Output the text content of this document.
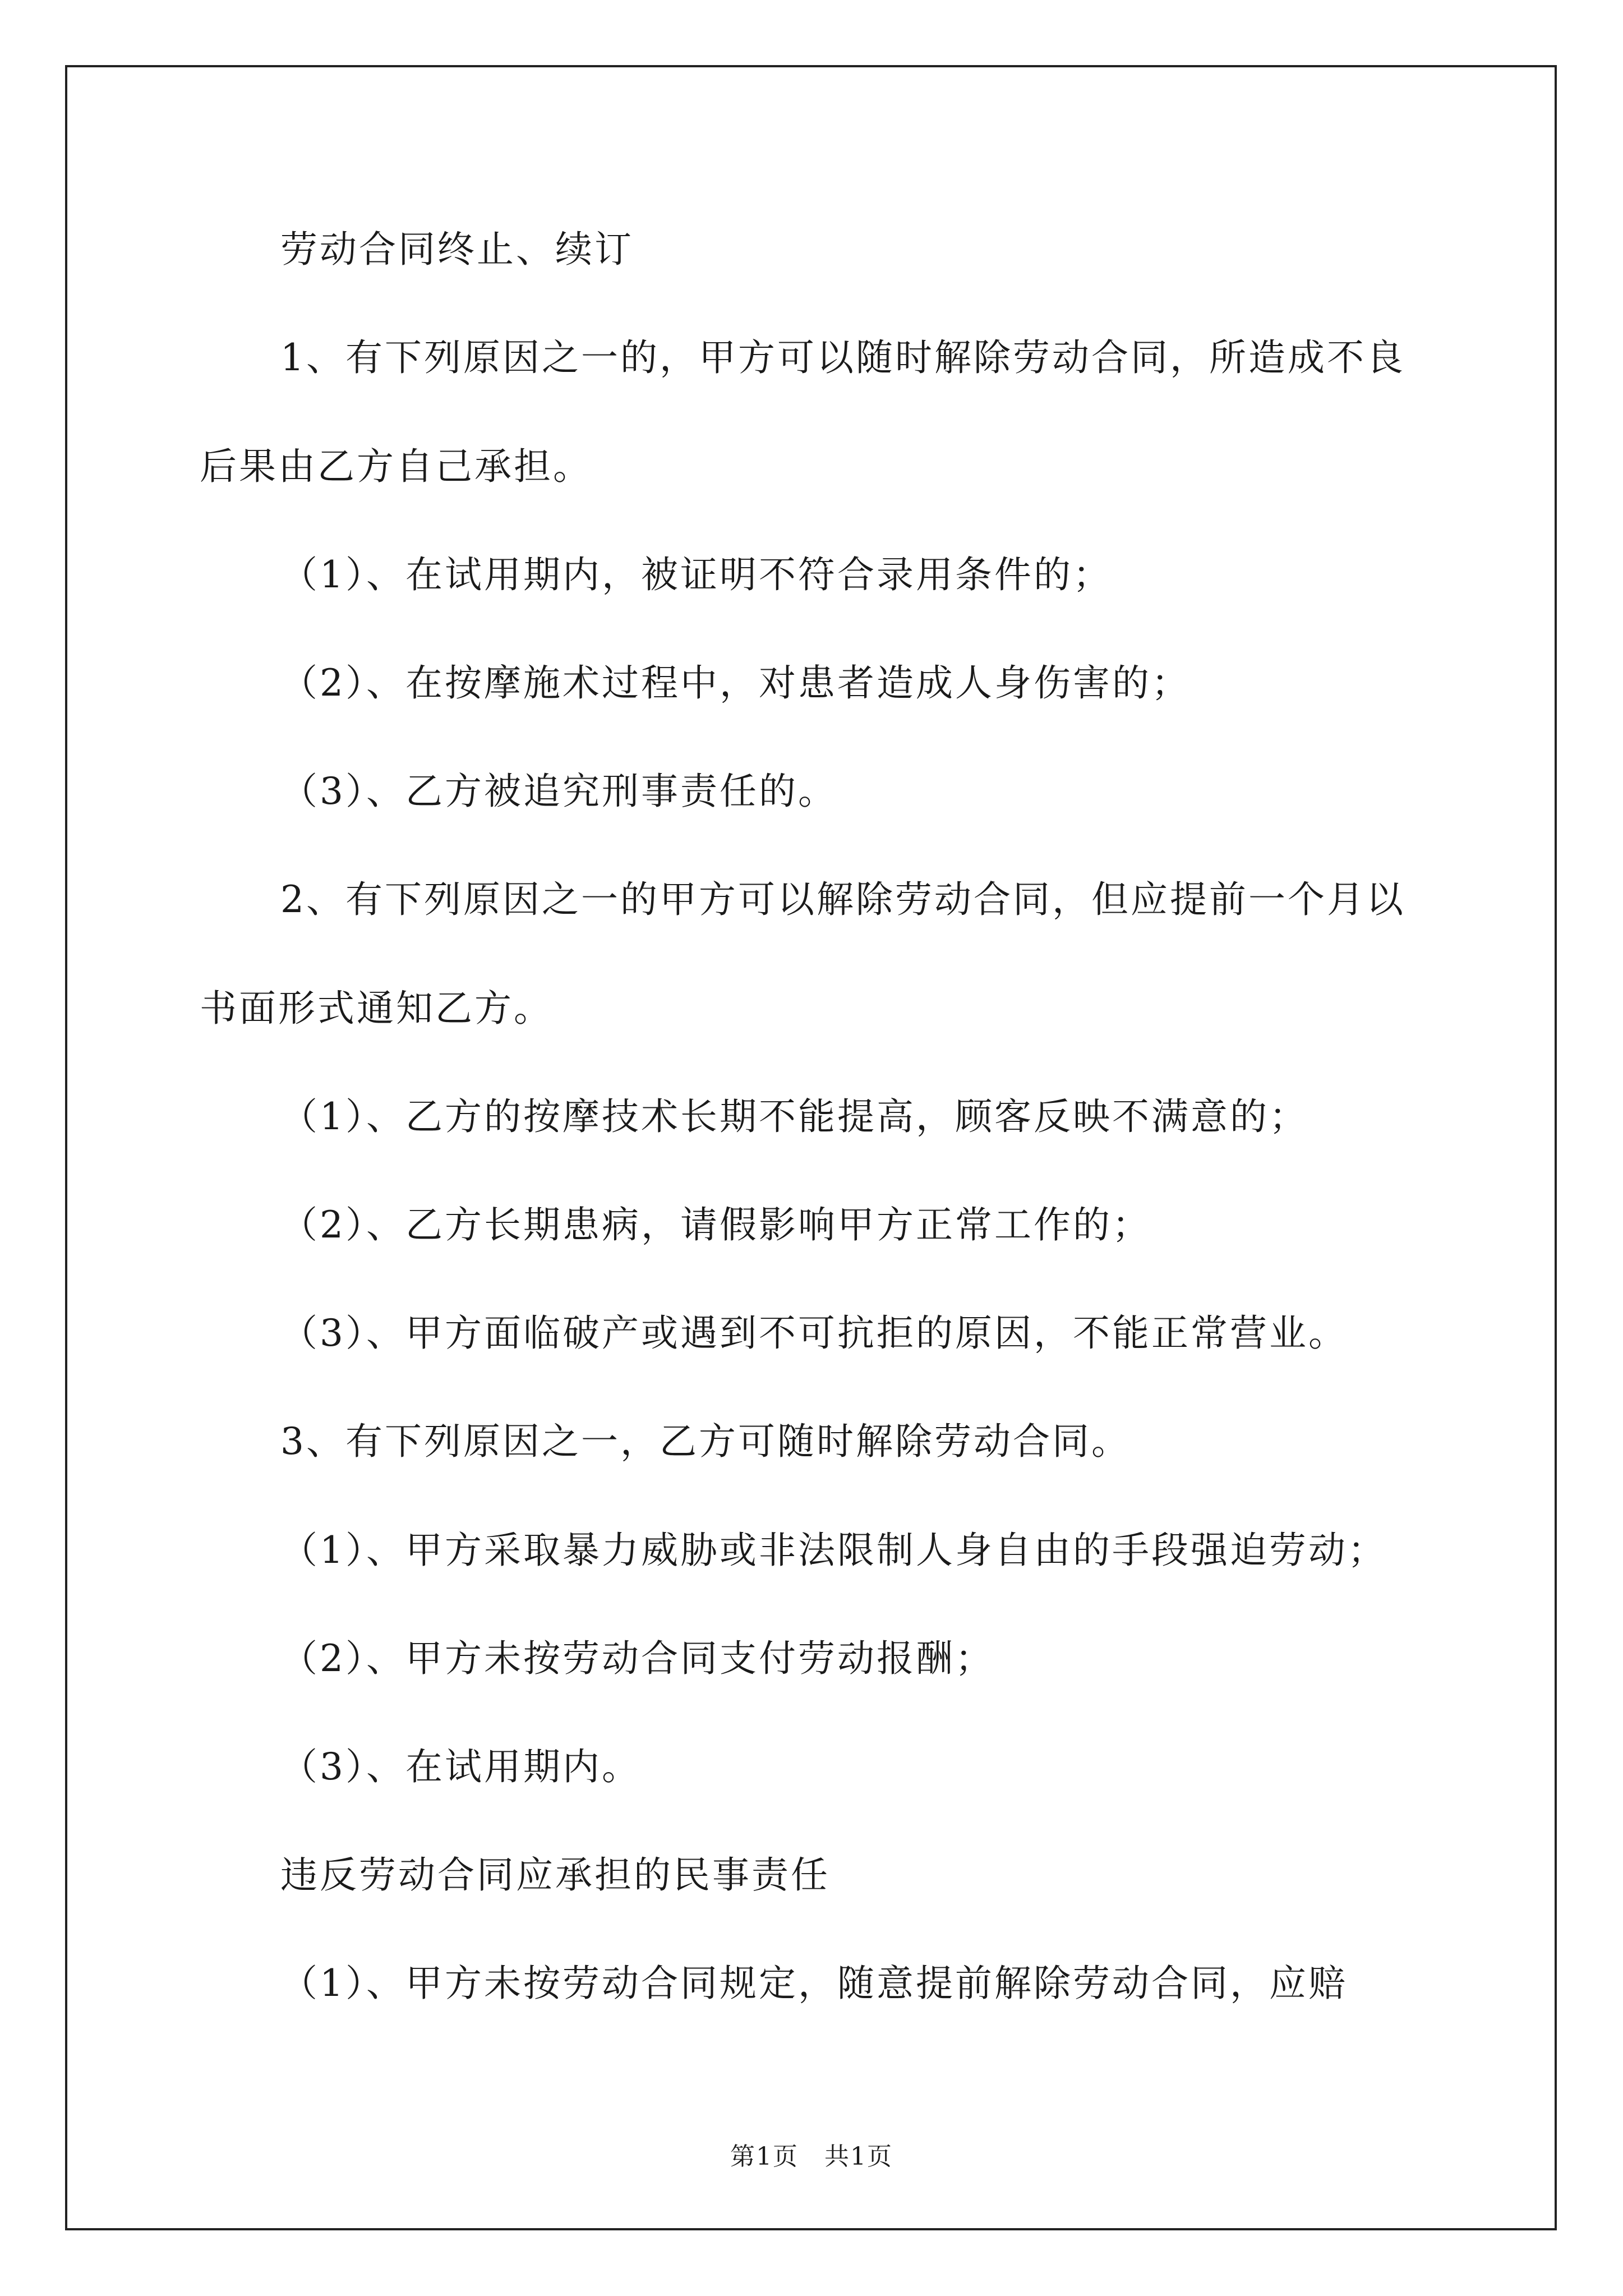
劳动合同终止、续订
1、有下列原因之一的，甲方可以随时解除劳动合同，所造成不良
后果由乙方自己承担。
（1）、在试用期内，被证明不符合录用条件的；
（2）、在按摩施术过程中，对患者造成人身伤害的；
（3）、乙方被追究刑事责任的。
2、有下列原因之一的甲方可以解除劳动合同，但应提前一个月以
书面形式通知乙方。
（1）、乙方的按摩技术长期不能提高，顾客反映不满意的；
（2）、乙方长期患病，请假影响甲方正常工作的；
（3）、甲方面临破产或遇到不可抗拒的原因，不能正常营业。
3、有下列原因之一，乙方可随时解除劳动合同。
（1）、甲方采取暴力威胁或非法限制人身自由的手段强迫劳动；
（2）、甲方未按劳动合同支付劳动报酬；
（3）、在试用期内。
违反劳动合同应承担的民事责任
（1）、甲方未按劳动合同规定，随意提前解除劳动合同，应赔
第1页　共1页
